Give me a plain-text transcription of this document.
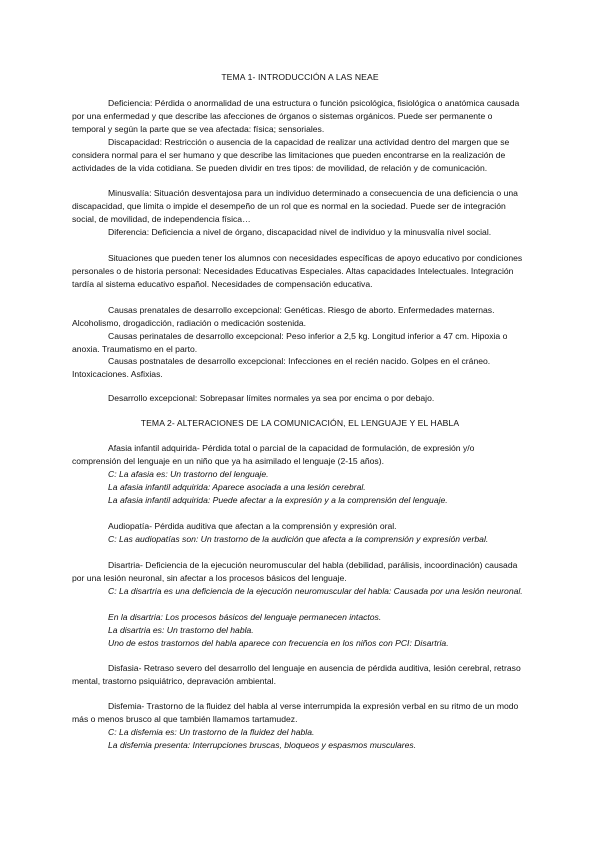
TEMA 1- INTRODUCCIÓN A LAS NEAE

Deficiencia: Pérdida o anormalidad de una estructura o función psicológica, fisiológica o anatómica causada por una enfermedad y que describe las afecciones de órganos o sistemas orgánicos. Puede ser permanente o temporal y según la parte que se vea afectada: física; sensoriales.

Discapacidad: Restricción o ausencia de la capacidad de realizar una actividad dentro del margen que se considera normal para el ser humano y que describe las limitaciones que pueden encontrarse en la realización de actividades de la vida cotidiana. Se pueden dividir en tres tipos: de movilidad, de relación y de comunicación.

Minusvalía: Situación desventajosa para un individuo determinado a consecuencia de una deficiencia o una discapacidad, que limita o impide el desempeño de un rol que es normal en la sociedad. Puede ser de integración social, de movilidad, de independencia física…

Diferencia: Deficiencia a nivel de órgano, discapacidad nivel de individuo y la minusvalía nivel social.

Situaciones que pueden tener los alumnos con necesidades específicas de apoyo educativo por condiciones personales o de historia personal: Necesidades Educativas Especiales. Altas capacidades Intelectuales. Integración tardía al sistema educativo español. Necesidades de compensación educativa.

Causas prenatales de desarrollo excepcional: Genéticas. Riesgo de aborto. Enfermedades maternas. Alcoholismo, drogadicción, radiación o medicación sostenida.

Causas perinatales de desarrollo excepcional: Peso inferior a 2,5 kg. Longitud inferior a 47 cm. Hipoxia o anoxia. Traumatismo en el parto.

Causas postnatales de desarrollo excepcional: Infecciones en el recién nacido. Golpes en el cráneo. Intoxicaciones. Asfixias.

Desarrollo excepcional: Sobrepasar límites normales ya sea por encima o por debajo.

TEMA 2- ALTERACIONES DE LA COMUNICACIÓN, EL LENGUAJE Y EL HABLA

Afasia infantil adquirida- Pérdida total o parcial de la capacidad de formulación, de expresión y/o comprensión del lenguaje en un niño que ya ha asimilado el lenguaje (2-15 años).

C: La afasia es: Un trastorno del lenguaje.

La afasia infantil adquirida: Aparece asociada a una lesión cerebral.

La afasia infantil adquirida: Puede afectar a la expresión y a la comprensión del lenguaje.

Audiopatía- Pérdida auditiva que afectan a la comprensión y expresión oral.

C: Las audiopatías son: Un trastorno de la audición que afecta a la comprensión y expresión verbal.

Disartria- Deficiencia de la ejecución neuromuscular del habla (debilidad, parálisis, incoordinación) causada por una lesión neuronal, sin afectar a los procesos básicos del lenguaje.

C: La disartria es una deficiencia de la ejecución neuromuscular del habla: Causada por una lesión neuronal.

En la disartria: Los procesos básicos del lenguaje permanecen intactos.

La disartria es: Un trastorno del habla.

Uno de estos trastornos del habla aparece con frecuencia en los niños con PCI: Disartria.

Disfasia- Retraso severo del desarrollo del lenguaje en ausencia de pérdida auditiva, lesión cerebral, retraso mental, trastorno psiquiátrico, depravación ambiental.

Disfemia- Trastorno de la fluidez del habla al verse interrumpida la expresión verbal en su ritmo de un modo más o menos brusco al que también llamamos tartamudez.

C: La disfemia es: Un trastorno de la fluidez del habla.

La disfemia presenta: Interrupciones bruscas, bloqueos y espasmos musculares.
